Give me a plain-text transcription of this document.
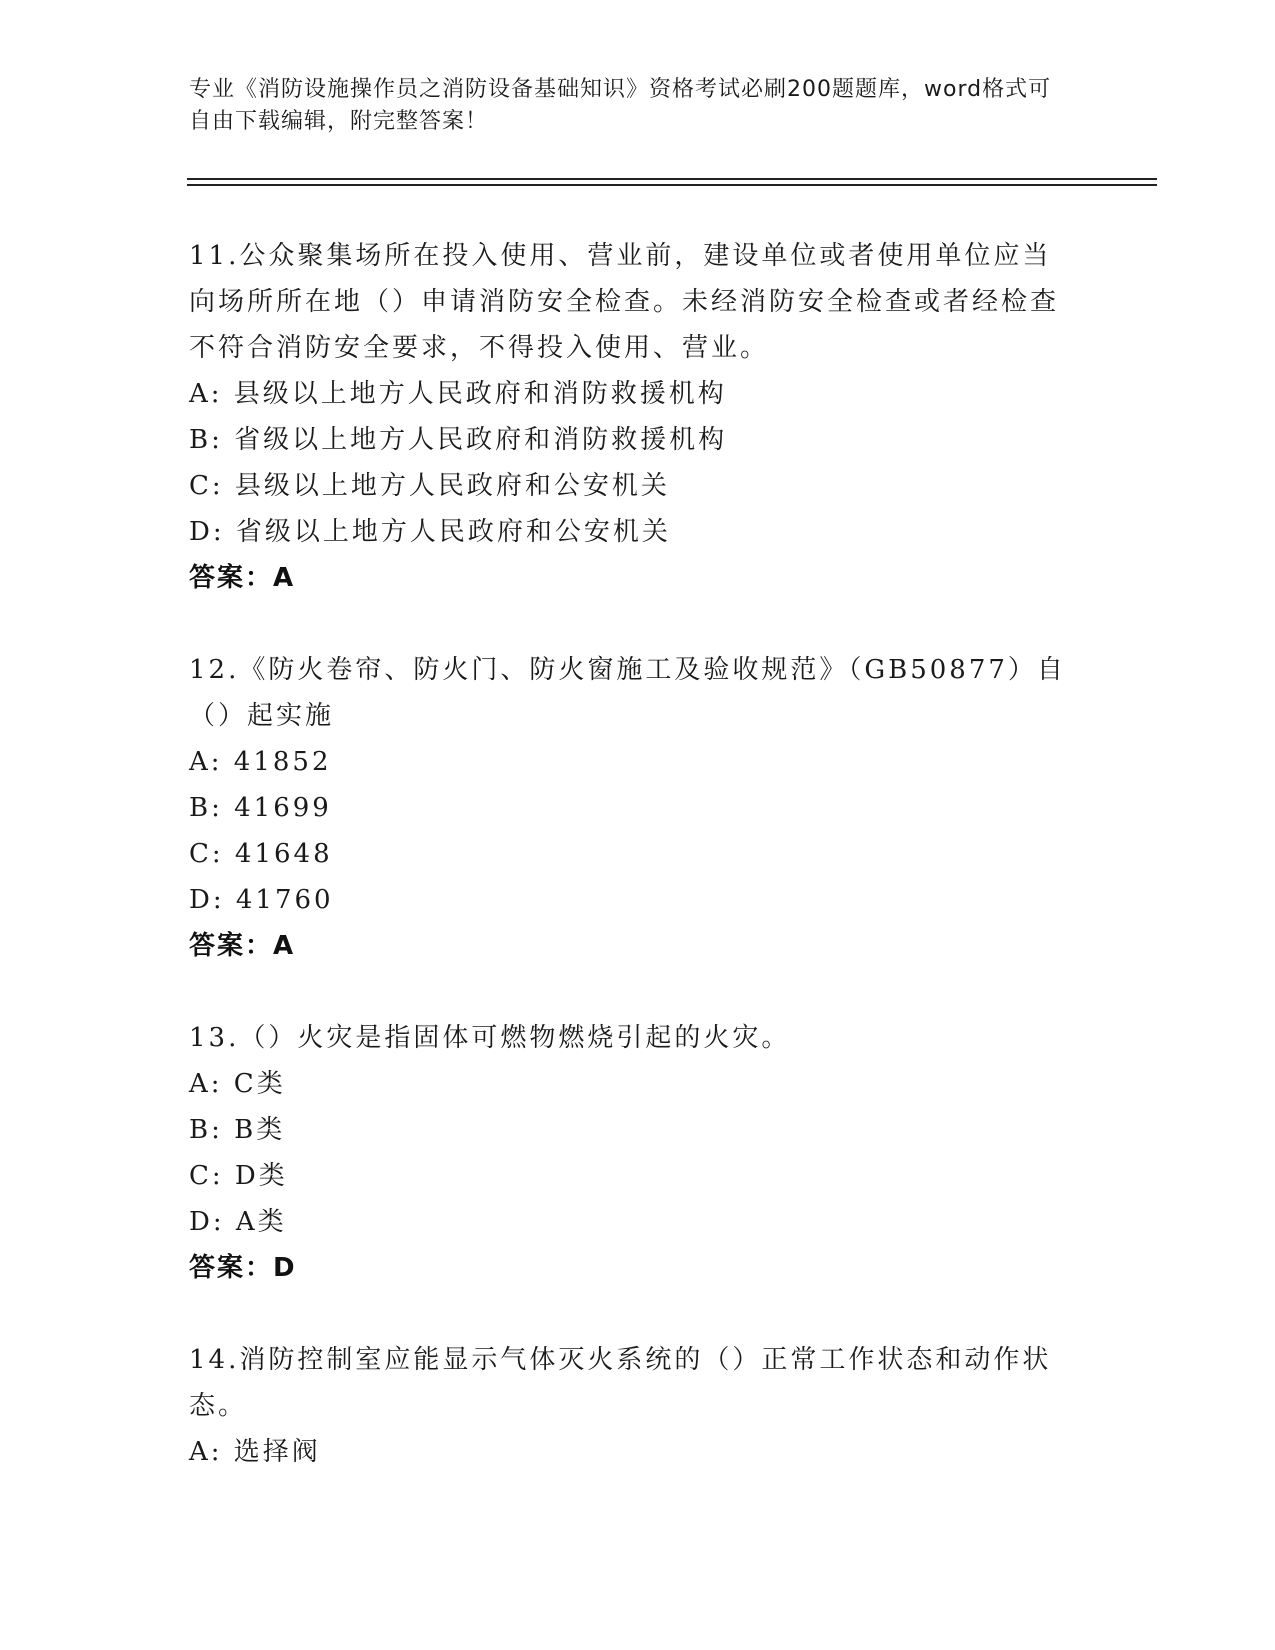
专业《消防设施操作员之消防设备基础知识》资格考试必刷200题题库，word格式可自由下载编辑，附完整答案！

11.公众聚集场所在投入使用、营业前，建设单位或者使用单位应当向场所所在地（）申请消防安全检查。未经消防安全检查或者经检查不符合消防安全要求，不得投入使用、营业。

A: 县级以上地方人民政府和消防救援机构

B: 省级以上地方人民政府和消防救援机构

C: 县级以上地方人民政府和公安机关

D: 省级以上地方人民政府和公安机关

答案：A

12.《防火卷帘、防火门、防火窗施工及验收规范》（GB50877）自（）起实施

A: 41852

B: 41699

C: 41648

D: 41760

答案：A

13.（）火灾是指固体可燃物燃烧引起的火灾。

A: C类

B: B类

C: D类

D: A类

答案：D

14.消防控制室应能显示气体灭火系统的（）正常工作状态和动作状态。

A: 选择阀
